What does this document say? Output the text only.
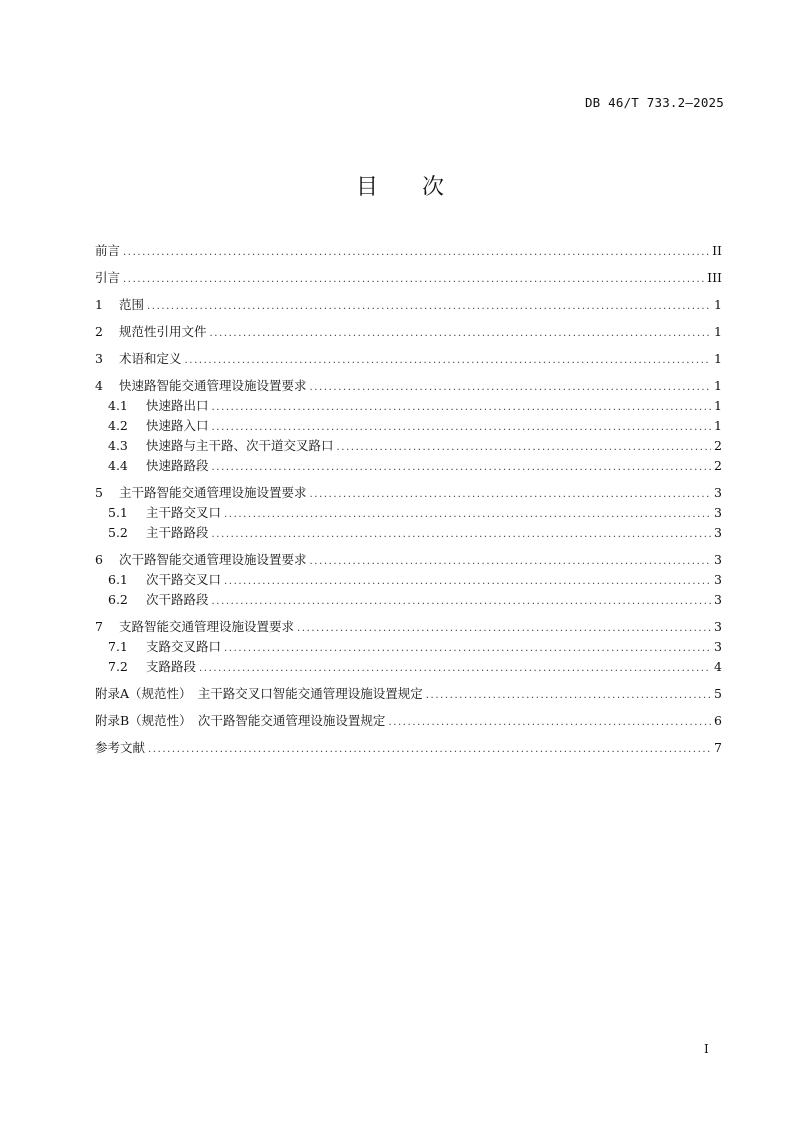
DB 46/T 733.2—2025
目 次
前言 .....	II
引言 .....	III
1	范围 .....	1
2	规范性引用文件 .....	1
3	术语和定义 .....	1
4	快速路智能交通管理设施设置要求 .....	1
4.1	快速路出口 .....	1
4.2	快速路入口 .....	1
4.3	快速路与主干路、次干道交叉路口 .....	2
4.4	快速路路段 .....	2
5	主干路智能交通管理设施设置要求 .....	3
5.1	主干路交叉口 .....	3
5.2	主干路路段 .....	3
6	次干路智能交通管理设施设置要求 .....	3
6.1	次干路交叉口 .....	3
6.2	次干路路段 .....	3
7	支路智能交通管理设施设置要求 .....	3
7.1	支路交叉路口 .....	3
7.2	支路路段 .....	4
附录A（规范性）　主干路交叉口智能交通管理设施设置规定 .....	5
附录B（规范性）　次干路智能交通管理设施设置规定 .....	6
参考文献 .....	7
I
